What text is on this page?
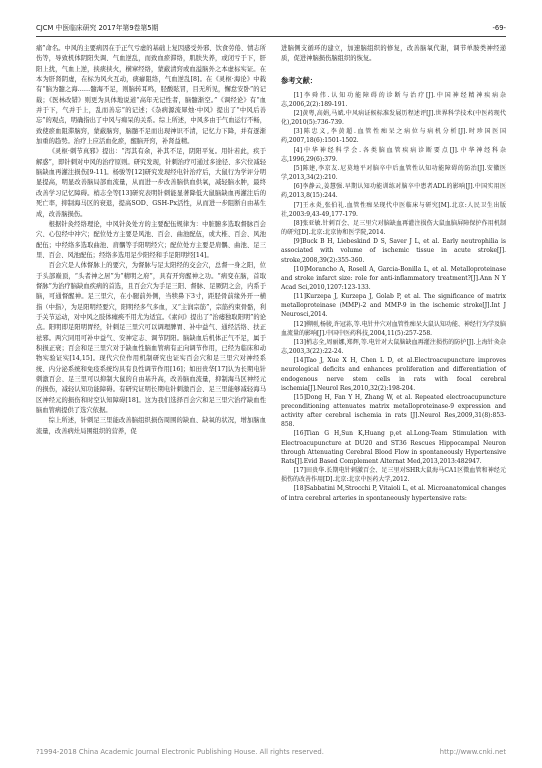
CJCM 中医临床研究 2017年第9卷第5期	-69-

痛”命名。中风的主要病因在于正气亏虚的基础上复因感受外邪、饮食劳倦、情志所伤等，导致机体阴阳失调、气血逆乱，而致血瘀滞络，肌肤失养，或闭亏于下，肝阳上扰，气血上逆，挟痰挟火，横窜经络，蒙蔽清窍或血溢脑外之本虚标实证。在本为肝肾阴虚，在标为风火互动，痰癖阻络，气血逆乱[8]。在《灵枢·海论》中载有“脑为髓之海……髓海不足，则脑转耳鸣，胫酸眩冒，目无所见，懈怠安卧”的记载；《医林改错》则更为具体地说道“高年无记性者，脑髓渐空。”《调经论》有“血并于下，气并于上，乱而善忘”的记述；《杂病源流犀烛·中风》提出了“中风后善忘”的观点，明确指出了中风与痴呆的关系。综上所述，中风多由于气血运行不畅，致使瘀血阻滞脑窍，蒙蔽脑窍，脑髓不足而出现神识不清，记忆力下降，并有逐渐加重的趋势。治疗上应活血化瘀，醒脑开窍，补肾益精。

《灵枢·刺节真邪》提出：“泻其有余，补其不足，阴阳平复。用针若此，疾于解惑”，即针刺对中风的治疗原则。研究发现，针刺治疗可通过多途径、多穴位减轻脑缺血再灌注损伤[9-11]。杨骏等[12]研究发现经电针治疗后，大鼠行为学评分明显提高，明显改善脑局部血流量，从而进一步改善脑供血供氧，减轻脑水肿，最终改善学习记忆障碍。梢志全等[13]研究表明针刺能显著降低大鼠脑缺血再灌注后的死亡率，抑制海马区的衰退，提高SOD、GSH-Px活性，从而进一步阻断自由基生成，改善脑损伤。

根据针灸经络理论，中风针灸处方的主要配伍规律为：中脏腑多选取督脉百会穴、心包经中冲穴；配位处方主要是风池、百会、曲池配伍，或大椎、百会、风池配伍；中经络多选取曲池、肩髃等手阳明经穴；配位处方主要是肩髃、曲池、足三里、百会、风池配伍；经络多选用足少阳经和手足阳明经[14]。

百会穴是人体督脉上的要穴，为督脉与足太阳经的交会穴，总督一身之阳，位于头部巅顶，“头者神之居”为“精明之府”，具有开窍醒神之功。“病变在脑，首取督脉”为治疗脑缺血疾病的首选，且百会穴为手足三阳、督脉、足厥阴之会，内系于脑，可通督醒神。足三里穴，在小腿前外侧，当犊鼻下3寸，距胫骨前缘外开一横指（中指），为足阳明经要穴，阳明经多气多血，又“主润宗筋”，宗筋约束骨骼，利于关节运动，对中风之肢体瘫痪不用尤为适宜。《素问》提出了“治痿独取阳明”的论点。阳明即足阳明胃经，针刺足三里穴可以调理脾胃、补中益气、通经活络、扶正祛邪。两穴同用可补中益气、安神定志、调节阴阳。脑缺血后机体正气不足，属于积损正衰；百会和足三里穴对于缺血性脑血管病有正向调节作用，已经为临床和动物实验证实[14,15]。现代穴位作用机制研究也证实百会穴和足三里穴对神经系统、内分泌系统和免疫系统均具有良性调节作用[16]；如田贵华[17]认为长期电针刺激百会、足三里可以抑制大鼠的自由基升高，改善脑血流量，抑制海马区神经元的损伤，减轻认知功能障碍。有研究证明长期电针刺激百会、足三里能够减轻海马区神经元的损伤和时空认知障碍[18]。这为我们选择百会穴和足三里穴治疗缺血性脑血管病提供了选穴依据。

综上所述，针刺足三里能改善脑组织损伤周围的缺血、缺氧的状况，增加脑血流量，改善病灶局围组织的营养，促

进脑侧支循环的建立，加速脑组织的修复，改善脑氧代谢，调节单胺类神经递质，促进神脑损伤脑组织的恢复。

参考文献：

[1]李舜伟.认知功能障碍的诊断与治疗[J].中国神经精神疾病杂志,2006,2(2):189-191.

[2]黄粤,高娟,马斌.中风病证候标准发展历程述评[J].世界科学技术(中医药现代化),2010(5):736-739.

[3]陈忠义,李黄超.血管性痴呆之病位与病机分析[J].时珍国医国药,2007,18(6):1501-1502.

[4]中华神经科学会.各类脑血管疾病诊断要点[J].中华神经科杂志,1996,29(6):379.

[5]陈建,李京友.尼莫地平对脑卒中后血管性认知功能障碍的防治[J].安徽医学,2013,34(2):210.

[6]李静云,姜慧强.早期认知功能训练对脑卒中患者ADL的影响[J].中国实用医药,2013,8(15):244.

[7]王永炎,张伯礼.血管性痴呆现代中医临床与研究[M].北京:人民卫生出版社,2003:9,43-49,177-179.

[8]张亚敏.针刺百会、足三里穴对脑缺血再灌注损伤大鼠血脑屏障保护作用机制的研究[D].北京:北京协和医学院,2014.

[9]Buck B H, Liebeskind D S, Saver J L, et al. Early neutrophilia is associated with volume of ischemic tissue in acute stroke[J]. stroke,2008,39(2):355-360.

[10]Morancho A, Rosell A, Garcia-Bonilla L, et al. Metalloproteinase and stroke infarct size: role for anti-inflammatory treatment?[J].Ann N Y Acad Sci,2010,1207:123-133.

[11]Kurzepa J, Kurzepa J, Golab P, et al. The significance of matrix metalloproteinase (MMP)-2 and MMP-9 in the ischemic stroke[J].Int J Neurosci,2014.

[12]柳刚,杨骏,许冠荪,等.电针井穴对血管性痴呆大鼠认知功能、神经行为学及脑血流量的影响[J].中国中医药科技,2004,11(5):257-258.

[13]梢志全,周丽娜,郑辉,等.电针对大鼠脑缺血再灌注损伤的防护[J].上海针灸杂志,2003,3(22):22-24.

[14]Tao J, Xue X H, Chen L D, et al.Electroacupuncture improves neurological deficits and enhances proliferation and differentiation of endogenous nerve stem cells in rats with focal cerebral ischemia[J].Neurol Res,2010,32(2):198-204.

[15]Dong H, Fan Y H, Zhang W, et al. Repeated electroacupuncture preconditioning attenuates matrix metalloproteinase-9 expression and activity after cerebral ischemia in rats [J].Neurol Res,2009,31(8):853-858.

[16]Tian G H,Sun K,Huang p,et al.Long-Team Stimulation with Electroacupuncture at DU20 and ST36 Rescues Hippocampal Neuron through Attenuating Cerebral Blood Flow in spontaneously Hypertensive Rats[J].Evid Based Complement Alternat Med,2013,2013:482947.

[17]田贵华.长期电针刺激百会、足三里对SHR大鼠海马CA1区微血管和神经元损伤的改善作用[D].北京:北京中医药大学,2012.

[18]Sabbatini M,Strocchi P, Vitaioli L, et al. Microanatomical changes of intra cerebral arteries in spontaneously hypertensive rats:

?1994-2018 China Academic Journal Electronic Publishing House. All rights reserved.	http://www.cnki.net
